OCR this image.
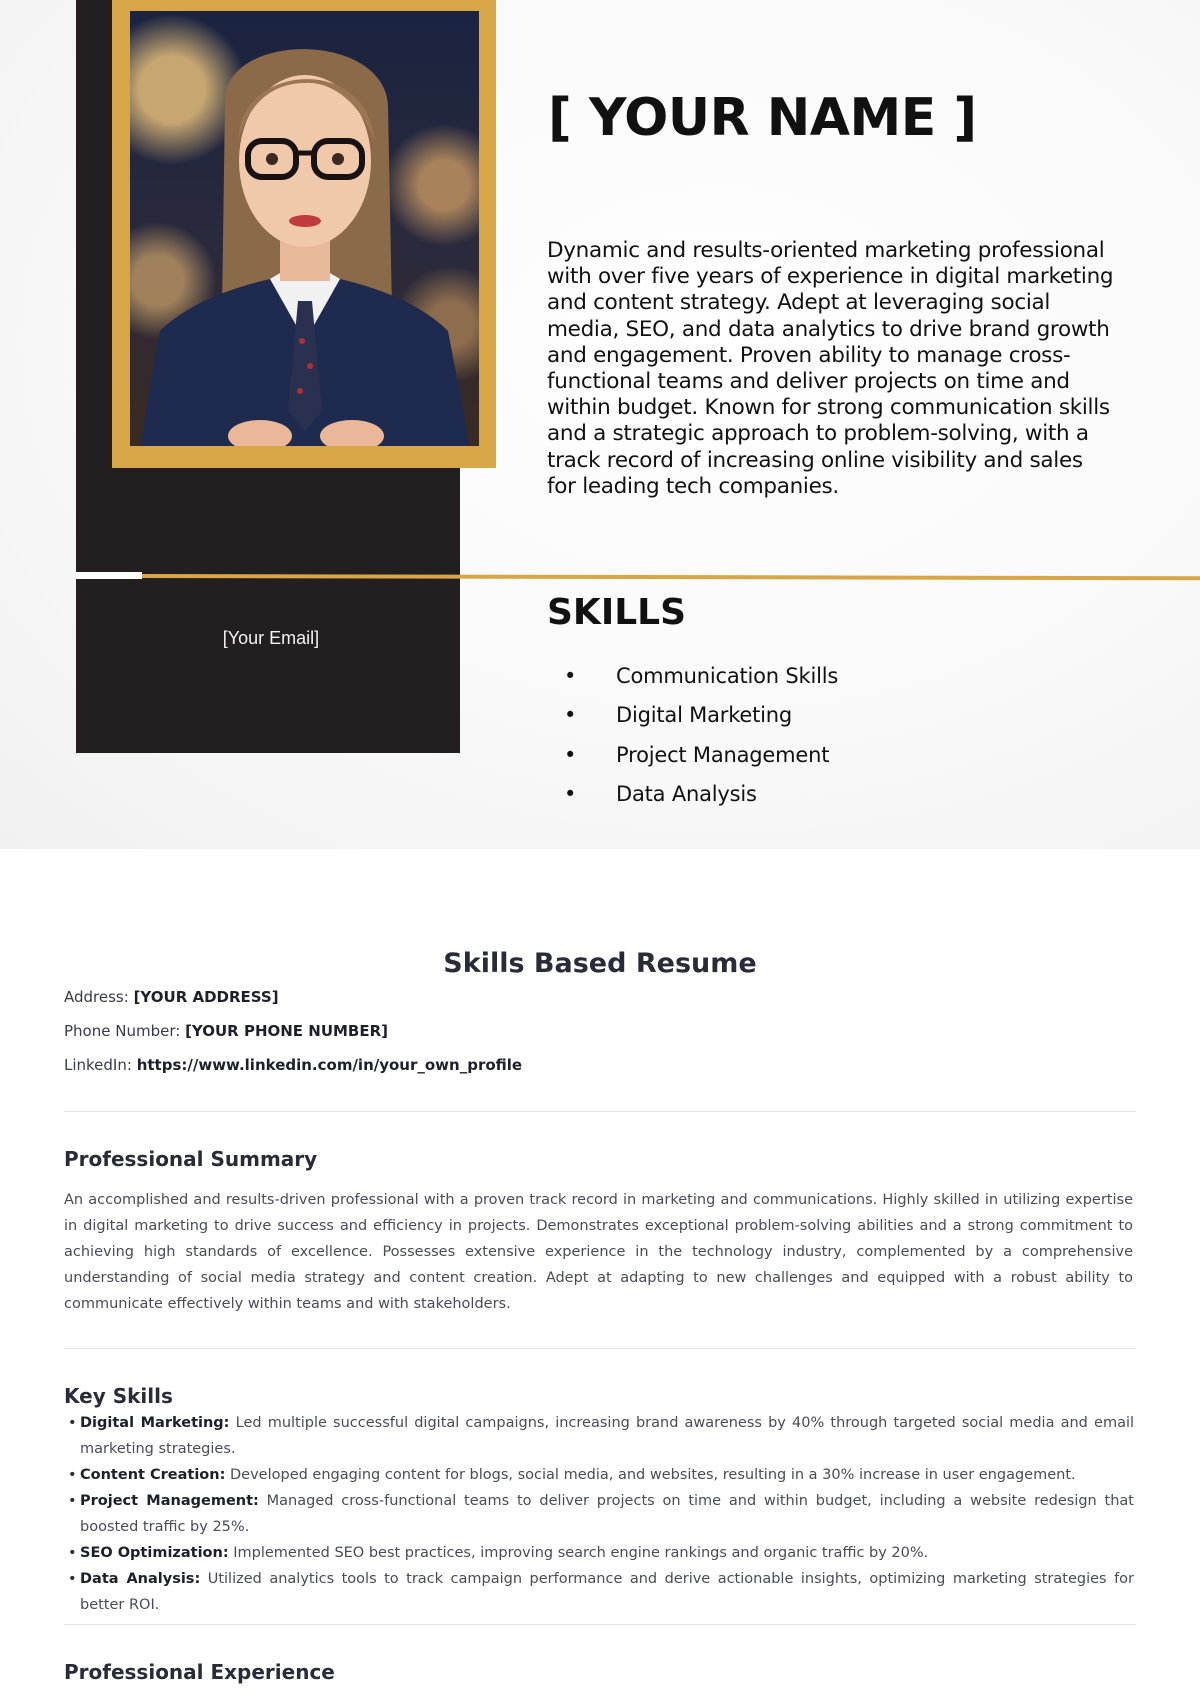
[Your Email]
[ YOUR NAME ]
Dynamic and results-oriented marketing professional with over five years of experience in digital marketing and content strategy. Adept at leveraging social media, SEO, and data analytics to drive brand growth and engagement. Proven ability to manage cross-functional teams and deliver projects on time and within budget. Known for strong communication skills and a strategic approach to problem-solving, with a track record of increasing online visibility and sales for leading tech companies.
SKILLS
• Communication Skills
• Digital Marketing
• Project Management
• Data Analysis
Skills Based Resume
Address: [YOUR ADDRESS]
Phone Number: [YOUR PHONE NUMBER]
LinkedIn: https://www.linkedin.com/in/your_own_profile
Professional Summary
An accomplished and results-driven professional with a proven track record in marketing and communications. Highly skilled in utilizing expertise in digital marketing to drive success and efficiency in projects. Demonstrates exceptional problem-solving abilities and a strong commitment to achieving high standards of excellence. Possesses extensive experience in the technology industry, complemented by a comprehensive understanding of social media strategy and content creation. Adept at adapting to new challenges and equipped with a robust ability to communicate effectively within teams and with stakeholders.
Key Skills
• Digital Marketing: Led multiple successful digital campaigns, increasing brand awareness by 40% through targeted social media and email marketing strategies.
• Content Creation: Developed engaging content for blogs, social media, and websites, resulting in a 30% increase in user engagement.
• Project Management: Managed cross-functional teams to deliver projects on time and within budget, including a website redesign that boosted traffic by 25%.
• SEO Optimization: Implemented SEO best practices, improving search engine rankings and organic traffic by 20%.
• Data Analysis: Utilized analytics tools to track campaign performance and derive actionable insights, optimizing marketing strategies for better ROI.
Professional Experience
